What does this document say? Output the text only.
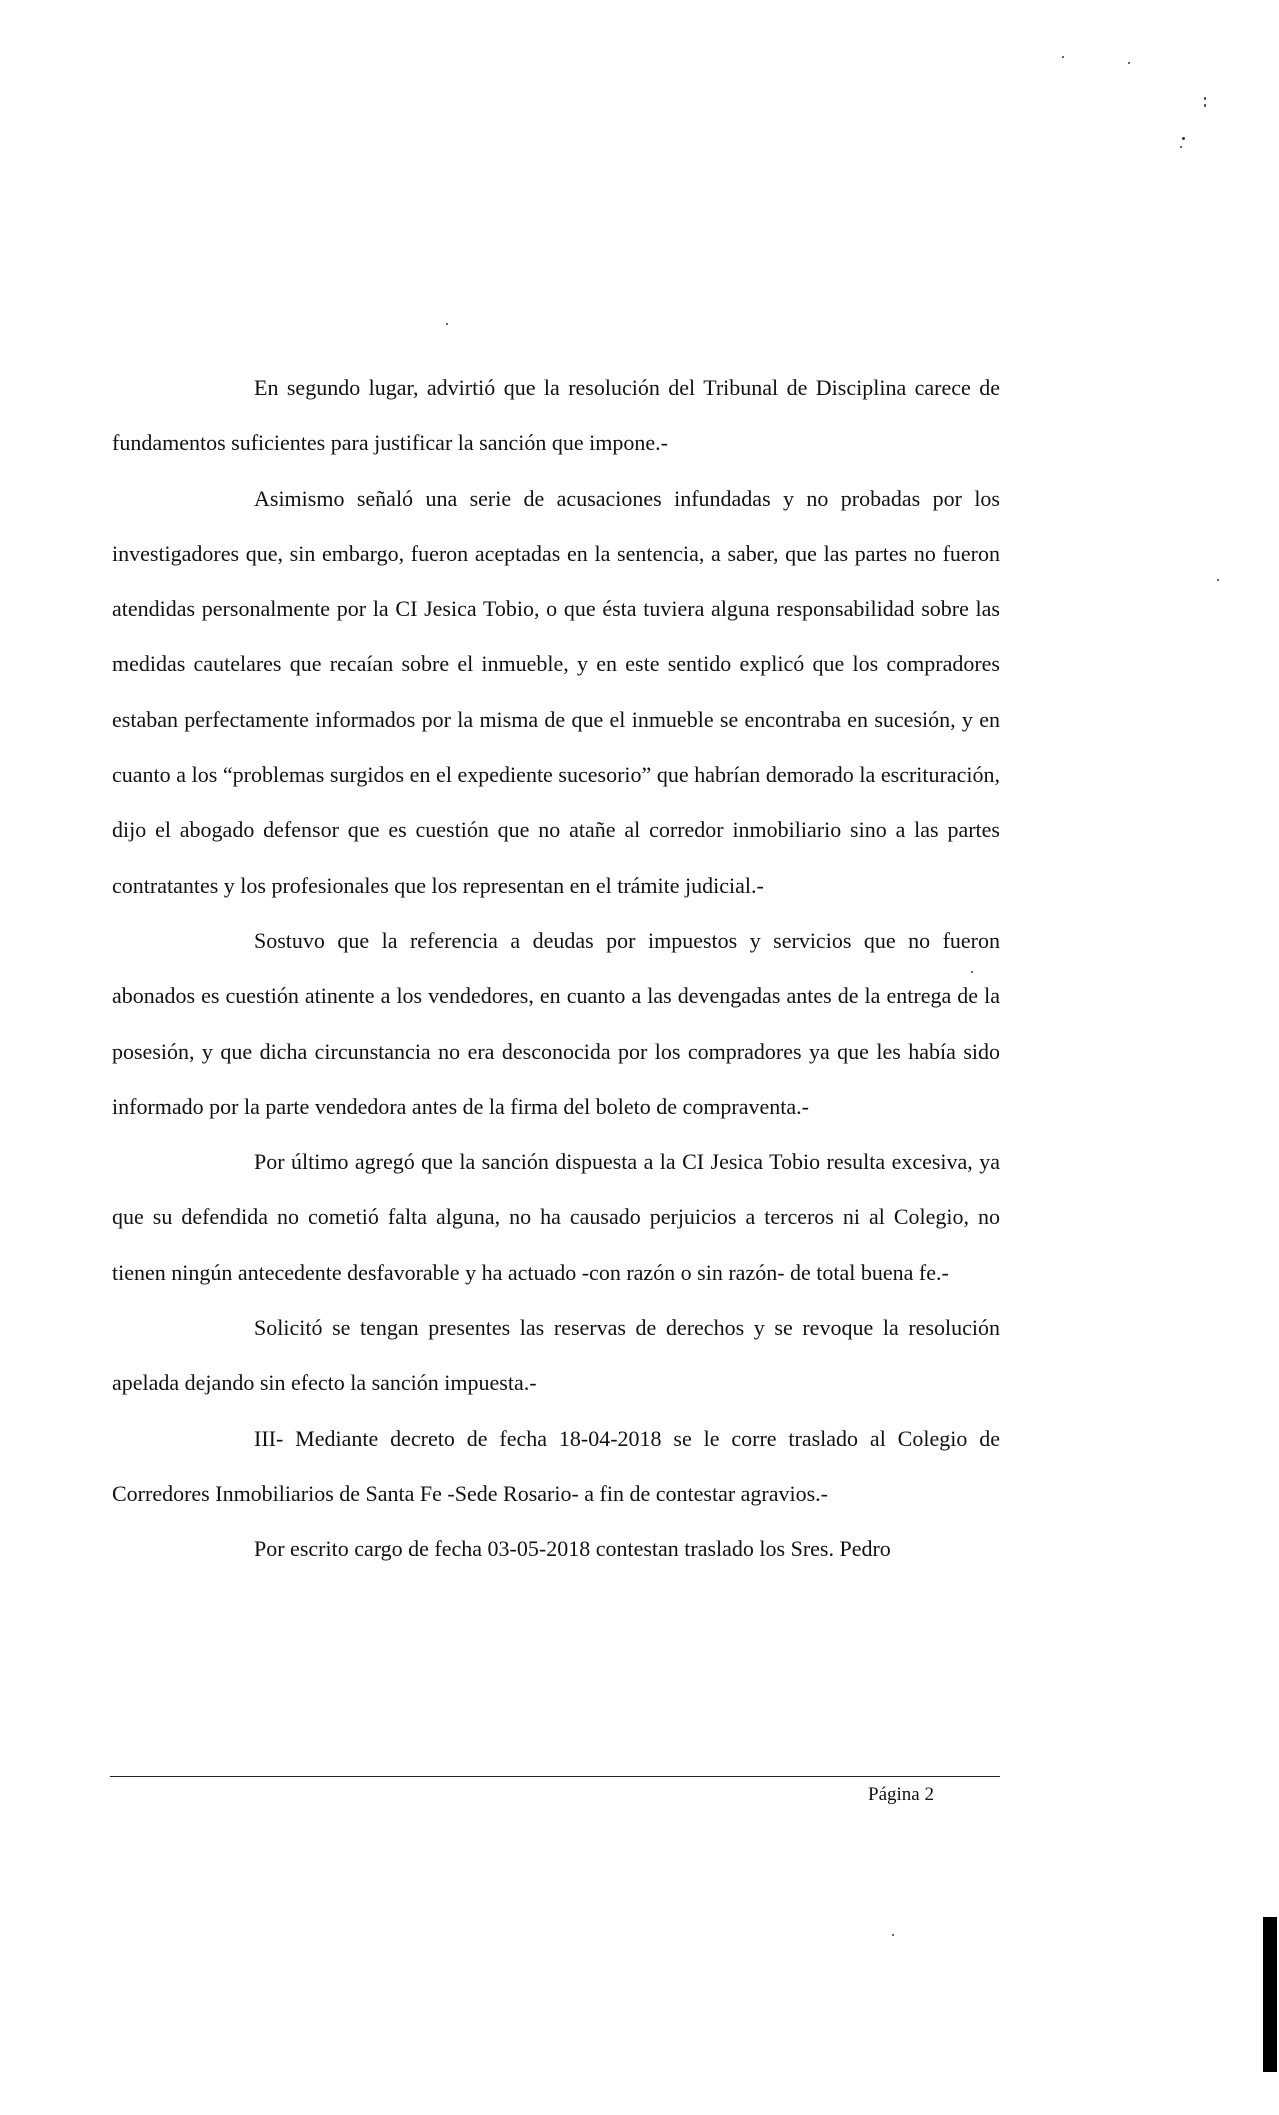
En segundo lugar, advirtió que la resolución del Tribunal de Disciplina carece de fundamentos suficientes para justificar la sanción que impone.-

Asimismo señaló una serie de acusaciones infundadas y no probadas por los investigadores que, sin embargo, fueron aceptadas en la sentencia, a saber, que las partes no fueron atendidas personalmente por la CI Jesica Tobio, o que ésta tuviera alguna responsabilidad sobre las medidas cautelares que recaían sobre el inmueble, y en este sentido explicó que los compradores estaban perfectamente informados por la misma de que el inmueble se encontraba en sucesión, y en cuanto a los “problemas surgidos en el expediente sucesorio” que habrían demorado la escrituración, dijo el abogado defensor que es cuestión que no atañe al corredor inmobiliario sino a las partes contratantes y los profesionales que los representan en el trámite judicial.-

Sostuvo que la referencia a deudas por impuestos y servicios que no fueron abonados es cuestión atinente a los vendedores, en cuanto a las devengadas antes de la entrega de la posesión, y que dicha circunstancia no era desconocida por los compradores ya que les había sido informado por la parte vendedora antes de la firma del boleto de compraventa.-

Por último agregó que la sanción dispuesta a la CI Jesica Tobio resulta excesiva, ya que su defendida no cometió falta alguna, no ha causado perjuicios a terceros ni al Colegio, no tienen ningún antecedente desfavorable y ha actuado -con razón o sin razón- de total buena fe.-

Solicitó se tengan presentes las reservas de derechos y se revoque la resolución apelada dejando sin efecto la sanción impuesta.-

III- Mediante decreto de fecha 18-04-2018 se le corre traslado al Colegio de Corredores Inmobiliarios de Santa Fe -Sede Rosario- a fin de contestar agravios.-

Por escrito cargo de fecha 03-05-2018 contestan traslado los Sres. Pedro

Página 2
